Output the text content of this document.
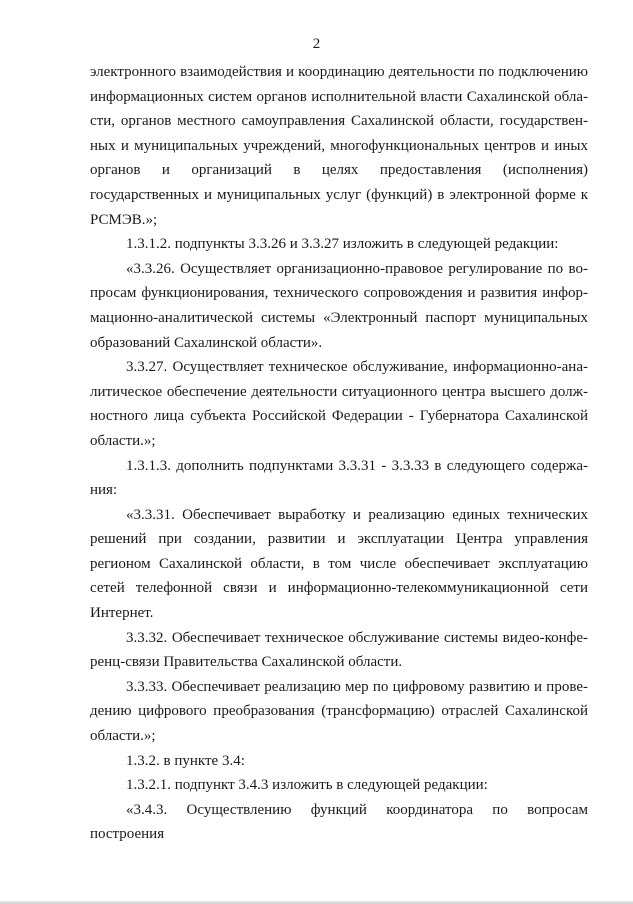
2

электронного взаимодействия и координацию деятельности по подключению информационных систем органов исполнительной власти Сахалинской области, органов местного самоуправления Сахалинской области, государственных и муниципальных учреждений, многофункциональных центров и иных органов и организаций в целях предоставления (исполнения) государственных и муниципальных услуг (функций) в электронной форме к РСМЭВ.»;

1.3.1.2. подпункты 3.3.26 и 3.3.27 изложить в следующей редакции:

«3.3.26. Осуществляет организационно-правовое регулирование по вопросам функционирования, технического сопровождения и развития информационно-аналитической системы «Электронный паспорт муниципальных образований Сахалинской области».

3.3.27. Осуществляет техническое обслуживание, информационно-аналитическое обеспечение деятельности ситуационного центра высшего должностного лица субъекта Российской Федерации - Губернатора Сахалинской области.»;

1.3.1.3. дополнить подпунктами 3.3.31 - 3.3.33 в следующего содержания:

«3.3.31. Обеспечивает выработку и реализацию единых технических решений при создании, развитии и эксплуатации Центра управления регионом Сахалинской области, в том числе обеспечивает эксплуатацию сетей телефонной связи и информационно-телекоммуникационной сети Интернет.

3.3.32. Обеспечивает техническое обслуживание системы видео-конференц-связи Правительства Сахалинской области.

3.3.33. Обеспечивает реализацию мер по цифровому развитию и проведению цифрового преобразования (трансформацию) отраслей Сахалинской области.»;

1.3.2. в пункте 3.4:

1.3.2.1. подпункт 3.4.3 изложить в следующей редакции:

«3.4.3. Осуществлению функций координатора по вопросам построения
